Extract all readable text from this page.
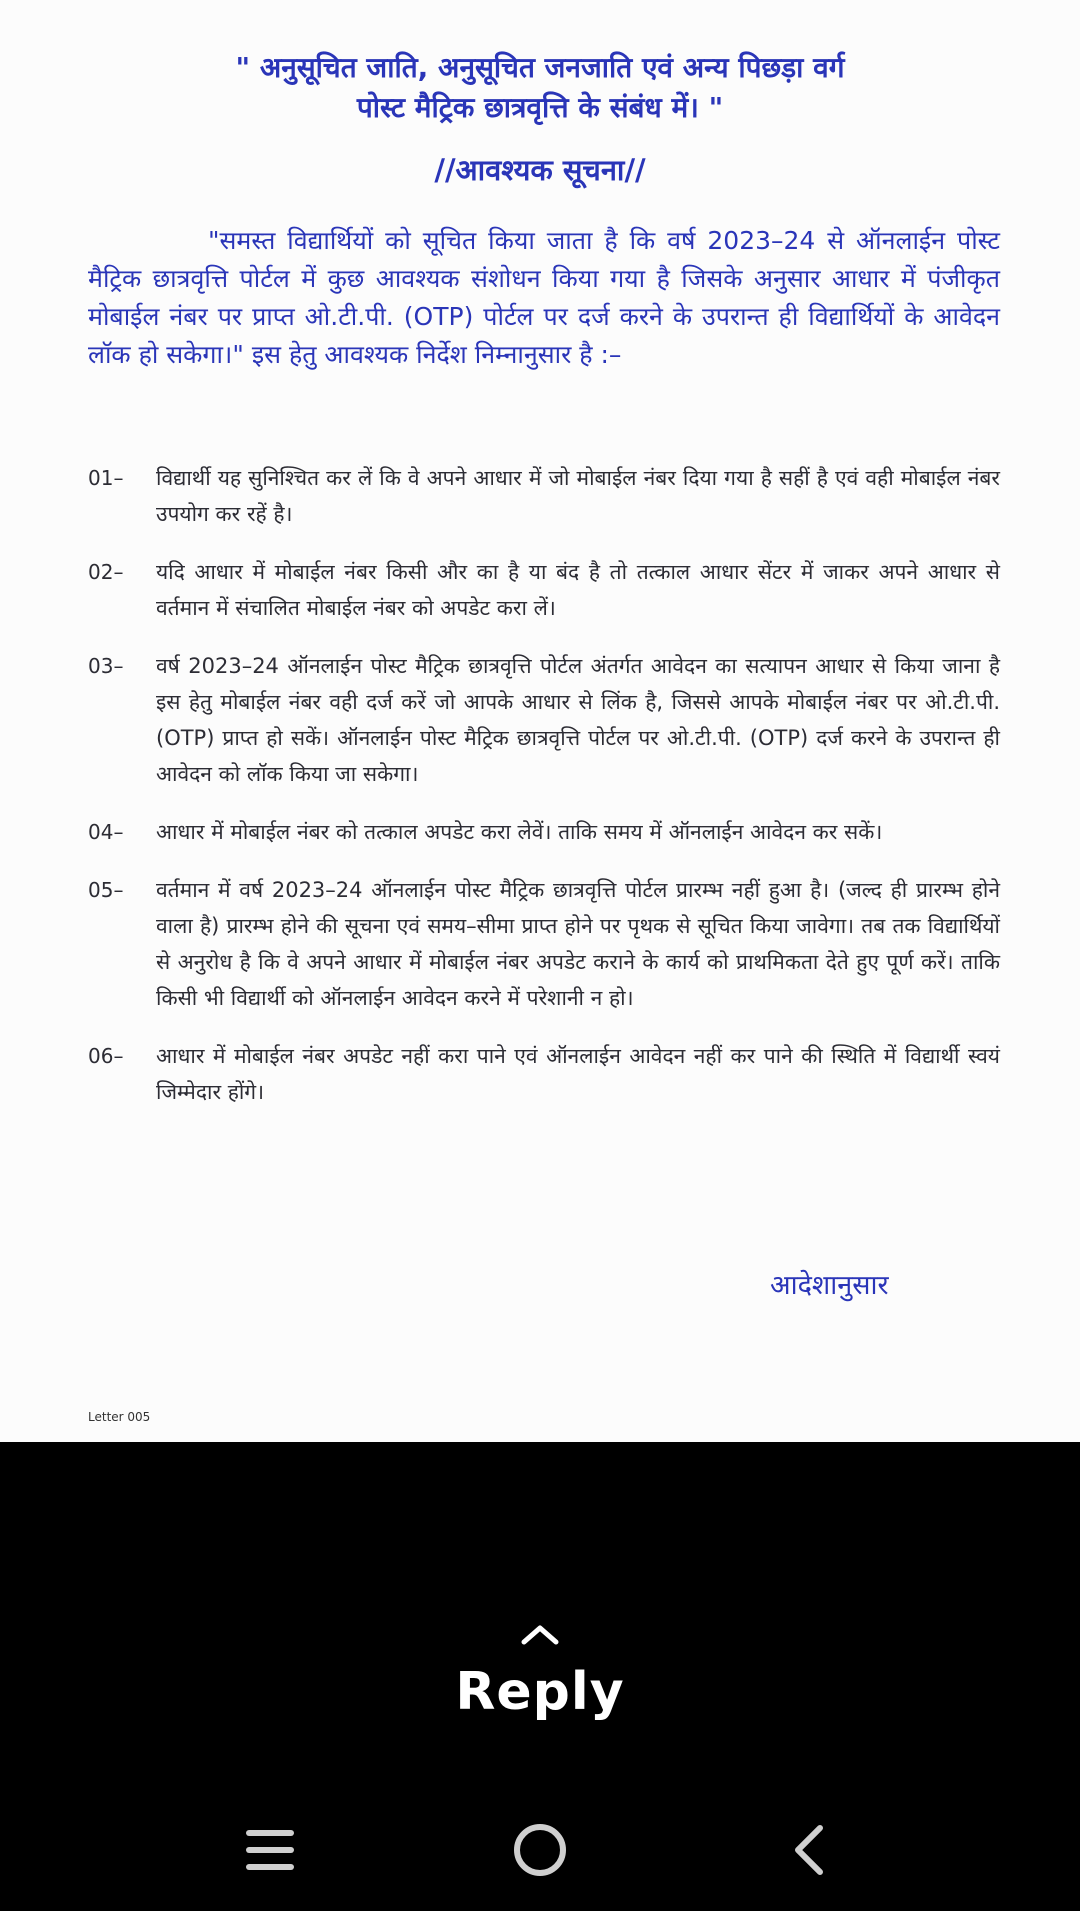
" अनुसूचित जाति, अनुसूचित जनजाति एवं अन्य पिछड़ा वर्ग
पोस्ट मैट्रिक छात्रवृत्ति के संबंध में। "
//आवश्यक सूचना//
"समस्त विद्यार्थियों को सूचित किया जाता है कि वर्ष 2023–24 से ऑनलाईन पोस्ट मैट्रिक छात्रवृत्ति पोर्टल में कुछ आवश्यक संशोधन किया गया है जिसके अनुसार आधार में पंजीकृत मोबाईल नंबर पर प्राप्त ओ.टी.पी. (OTP) पोर्टल पर दर्ज करने के उपरान्त ही विद्यार्थियों के आवेदन लॉक हो सकेगा।" इस हेतु आवश्यक निर्देश निम्नानुसार है :–
01–	विद्यार्थी यह सुनिश्चित कर लें कि वे अपने आधार में जो मोबाईल नंबर दिया गया है सहीं है एवं वही मोबाईल नंबर उपयोग कर रहें है।
02–	यदि आधार में मोबाईल नंबर किसी और का है या बंद है तो तत्काल आधार सेंटर में जाकर अपने आधार से वर्तमान में संचालित मोबाईल नंबर को अपडेट करा लें।
03–	वर्ष 2023–24 ऑनलाईन पोस्ट मैट्रिक छात्रवृत्ति पोर्टल अंतर्गत आवेदन का सत्यापन आधार से किया जाना है इस हेतु मोबाईल नंबर वही दर्ज करें जो आपके आधार से लिंक है, जिससे आपके मोबाईल नंबर पर ओ.टी.पी. (OTP) प्राप्त हो सकें। ऑनलाईन पोस्ट मैट्रिक छात्रवृत्ति पोर्टल पर ओ.टी.पी. (OTP) दर्ज करने के उपरान्त ही आवेदन को लॉक किया जा सकेगा।
04–	आधार में मोबाईल नंबर को तत्काल अपडेट करा लेवें। ताकि समय में ऑनलाईन आवेदन कर सकें।
05–	वर्तमान में वर्ष 2023–24 ऑनलाईन पोस्ट मैट्रिक छात्रवृत्ति पोर्टल प्रारम्भ नहीं हुआ है। (जल्द ही प्रारम्भ होने वाला है) प्रारम्भ होने की सूचना एवं समय–सीमा प्राप्त होने पर पृथक से सूचित किया जावेगा। तब तक विद्यार्थियों से अनुरोध है कि वे अपने आधार में मोबाईल नंबर अपडेट कराने के कार्य को प्राथमिकता देते हुए पूर्ण करें। ताकि किसी भी विद्यार्थी को ऑनलाईन आवेदन करने में परेशानी न हो।
06–	आधार में मोबाईल नंबर अपडेट नहीं करा पाने एवं ऑनलाईन आवेदन नहीं कर पाने की स्थिति में विद्यार्थी स्वयं जिम्मेदार होंगे।
आदेशानुसार
Letter 005
Reply
